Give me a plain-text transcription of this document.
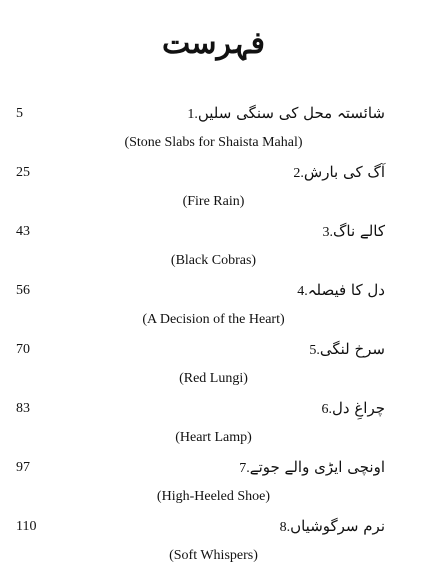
فہرست
5	شائستہ محل کی سنگی سلیں1.
(Stone Slabs for Shaista Mahal)
25	آگ کی بارش2.
(Fire Rain)
43	کالے ناگ3.
(Black Cobras)
56	دل کا فیصلہ4.
(A Decision of the Heart)
70	سرخ لنگی5.
(Red Lungi)
83	چراغِ دل6.
(Heart Lamp)
97	اونچی ایڑی والے جوتے7.
(High-Heeled Shoe)
110	نرم سرگوشیاں8.
(Soft Whispers)
